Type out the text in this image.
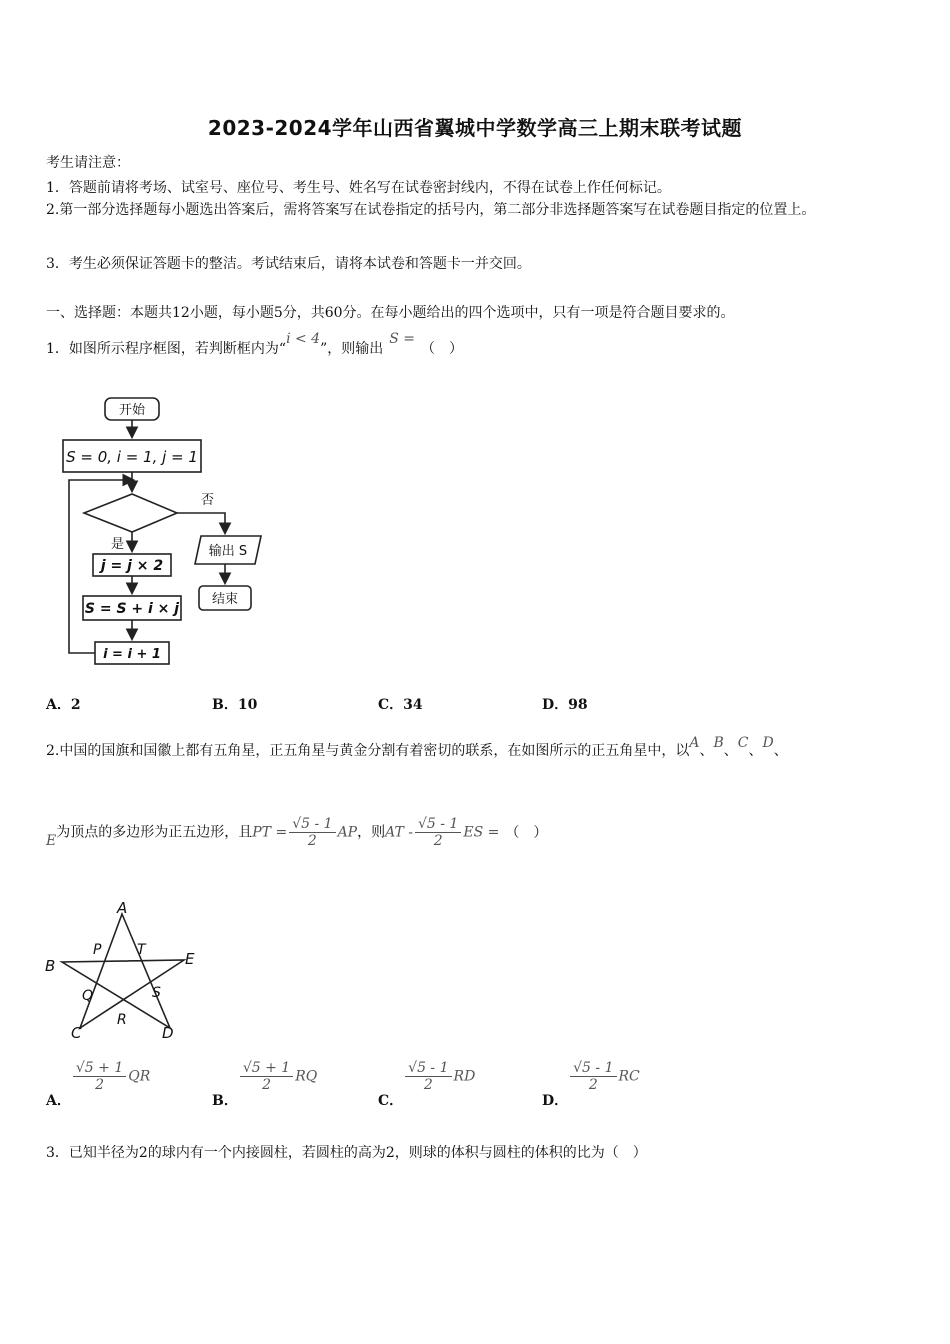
2023-2024学年山西省翼城中学数学高三上期末联考试题
考生请注意：
1．答题前请将考场、试室号、座位号、考生号、姓名写在试卷密封线内，不得在试卷上作任何标记。
2.第一部分选择题每小题选出答案后，需将答案写在试卷指定的括号内，第二部分非选择题答案写在试卷题目指定的位置上。
3．考生必须保证答题卡的整洁。考试结束后，请将本试卷和答题卡一并交回。
一、选择题：本题共12小题，每小题5分，共60分。在每小题给出的四个选项中，只有一项是符合题目要求的。
1．如图所示程序框图，若判断框内为“i < 4”，则输出S =（　）
开始
S = 0, i = 1, j = 1
否
是	输出 S
结束
j = j × 2
S = S + i × j
i = i + 1
A．2	B．10	C．34	D．98
2.中国的国旗和国徽上都有五角星，正五角星与黄金分割有着密切的联系，在如图所示的正五角星中，以A、B、C、D、
E为顶点的多边形为正五边形，且PT = $\frac{√5 - 1}{2}$ AP，则AT - $\frac{√5 - 1}{2}$ ES = （　）
A
B	E
C	D
P	T
Q	S
R
A．
$\frac{√5 + 1}{2}$ QR
B．
$\frac{√5 + 1}{2}$ RQ
C．
$\frac{√5 - 1}{2}$ RD
D．
$\frac{√5 - 1}{2}$ RC
3．已知半径为2的球内有一个内接圆柱，若圆柱的高为2，则球的体积与圆柱的体积的比为（　）
